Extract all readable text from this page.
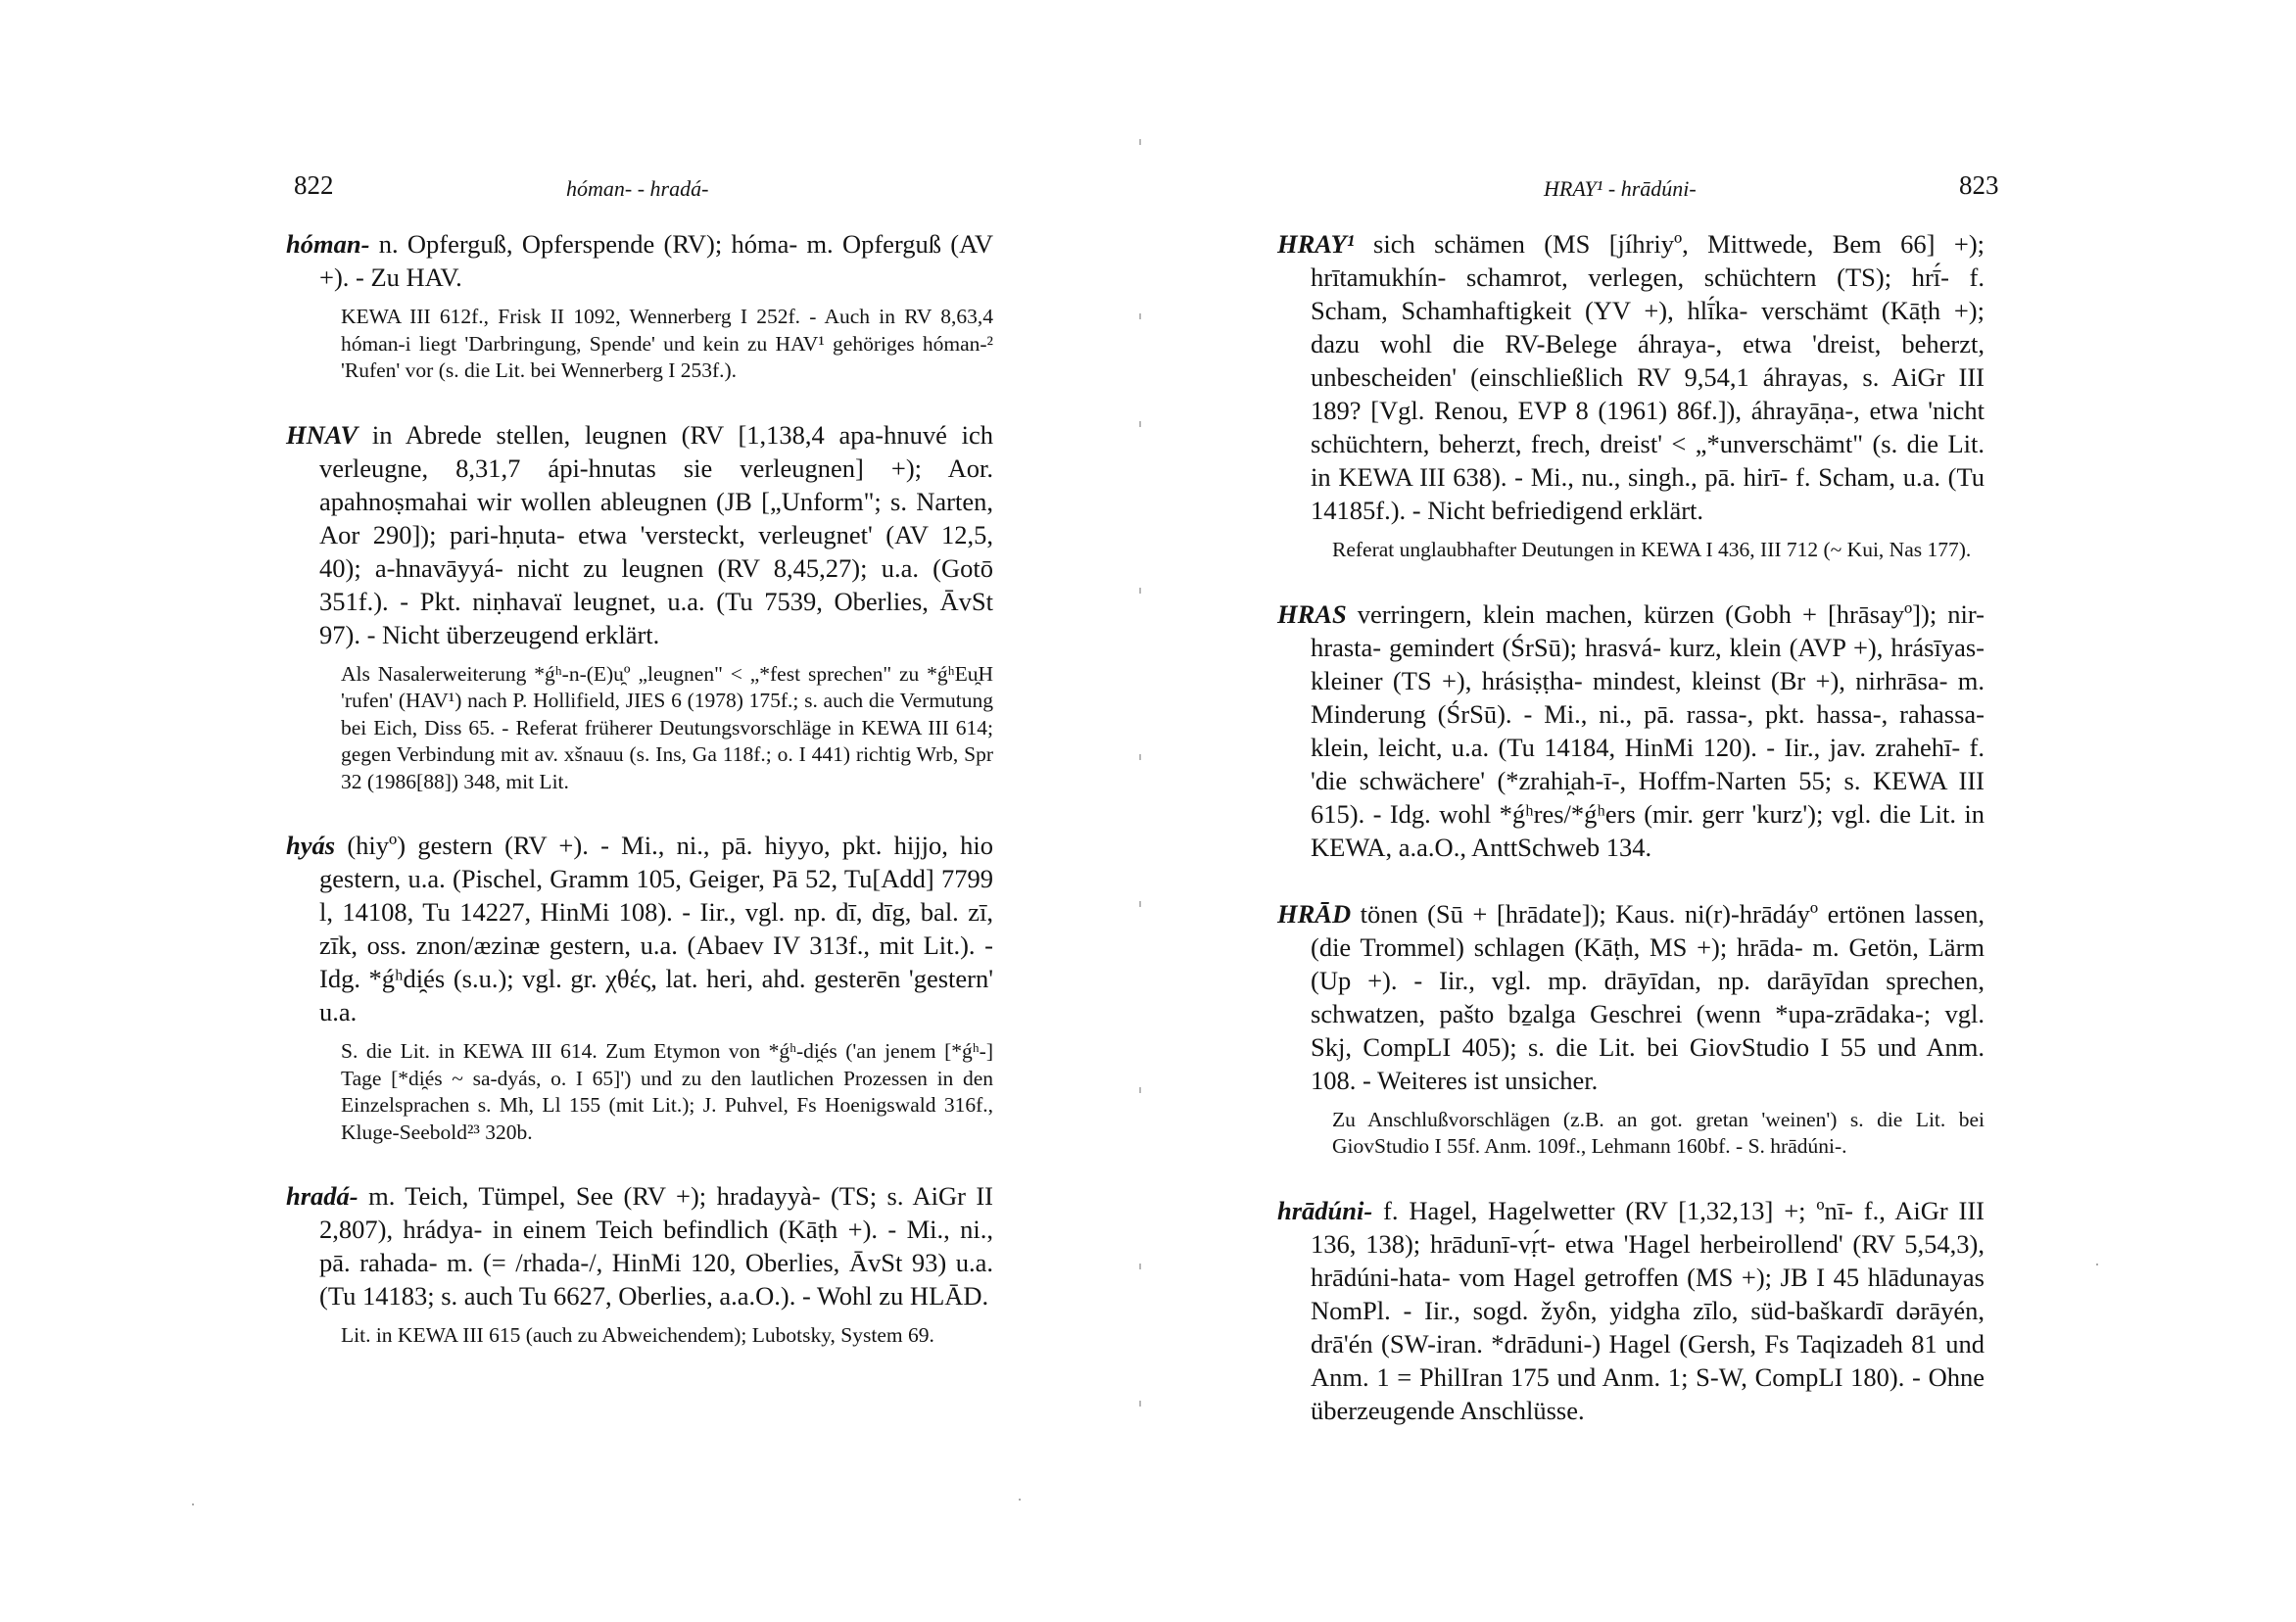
822	hóman- - hradá-

hóman- n. Opferguß, Opferspende (RV); hóma- m. Opferguß (AV +). - Zu HAV.

KEWA III 612f., Frisk II 1092, Wennerberg I 252f. - Auch in RV 8,63,4 hóman-i liegt 'Darbringung, Spende' und kein zu HAV¹ gehöriges hóman-² 'Rufen' vor (s. die Lit. bei Wennerberg I 253f.).

HNAV in Abrede stellen, leugnen (RV [1,138,4 apa-hnuvé ich verleugne, 8,31,7 ápi-hnutas sie verleugnen] +); Aor. apahnoṣmahai wir wollen ableugnen (JB [„Unform"; s. Narten, Aor 290]); pari-hṇuta- etwa 'versteckt, verleugnet' (AV 12,5, 40); a-hnavāyyá- nicht zu leugnen (RV 8,45,27); u.a. (Gotō 351f.). - Pkt. niṇhavaï leugnet, u.a. (Tu 7539, Oberlies, ĀvSt 97). - Nicht überzeugend erklärt.

Als Nasalerweiterung *ǵʰ-n-(E)u̯º „leugnen" < „*fest sprechen" zu *ǵʰEu̯H 'rufen' (HAV¹) nach P. Hollifield, JIES 6 (1978) 175f.; s. auch die Vermutung bei Eich, Diss 65. - Referat früherer Deutungsvorschläge in KEWA III 614; gegen Verbindung mit av. xšnauu (s. Ins, Ga 118f.; o. I 441) richtig Wrb, Spr 32 (1986[88]) 348, mit Lit.

hyás (hiyº) gestern (RV +). - Mi., ni., pā. hiyyo, pkt. hijjo, hio gestern, u.a. (Pischel, Gramm 105, Geiger, Pā 52, Tu[Add] 7799 l, 14108, Tu 14227, HinMi 108). - Iir., vgl. np. dī, dīg, bal. zī, zīk, oss. znon/æzinæ gestern, u.a. (Abaev IV 313f., mit Lit.). - Idg. *ǵʰdi̯és (s.u.); vgl. gr. χθές, lat. heri, ahd. gesterēn 'gestern' u.a.

S. die Lit. in KEWA III 614. Zum Etymon von *ǵʰ-di̯és ('an jenem [*ǵʰ-] Tage [*di̯és ~ sa-dyás, o. I 65]') und zu den lautlichen Prozessen in den Einzelsprachen s. Mh, Ll 155 (mit Lit.); J. Puhvel, Fs Hoenigswald 316f., Kluge-Seebold²³ 320b.

hradá- m. Teich, Tümpel, See (RV +); hradayyà- (TS; s. AiGr II 2,807), hrádya- in einem Teich befindlich (Kāṭh +). - Mi., ni., pā. rahada- m. (= /rhada-/, HinMi 120, Oberlies, ĀvSt 93) u.a. (Tu 14183; s. auch Tu 6627, Oberlies, a.a.O.). - Wohl zu HLĀD.

Lit. in KEWA III 615 (auch zu Abweichendem); Lubotsky, System 69.

HRAY¹ - hrādúni-	823

HRAY¹ sich schämen (MS [jíhriyº, Mittwede, Bem 66] +); hrītamukhín- schamrot, verlegen, schüchtern (TS); hrī́- f. Scham, Schamhaftigkeit (YV +), hlī́ka- verschämt (Kāṭh +); dazu wohl die RV-Belege áhraya-, etwa 'dreist, beherzt, unbescheiden' (einschließlich RV 9,54,1 áhrayas, s. AiGr III 189? [Vgl. Renou, EVP 8 (1961) 86f.]), áhrayāṇa-, etwa 'nicht schüchtern, beherzt, frech, dreist' < „*unverschämt" (s. die Lit. in KEWA III 638). - Mi., nu., singh., pā. hirī- f. Scham, u.a. (Tu 14185f.). - Nicht befriedigend erklärt.

Referat unglaubhafter Deutungen in KEWA I 436, III 712 (~ Kui, Nas 177).

HRAS verringern, klein machen, kürzen (Gobh + [hrāsayº]); nir-hrasta- gemindert (ŚrSū); hrasvá- kurz, klein (AVP +), hrásīyas- kleiner (TS +), hrásiṣṭha- mindest, kleinst (Br +), nirhrāsa- m. Minderung (ŚrSū). - Mi., ni., pā. rassa-, pkt. hassa-, rahassa- klein, leicht, u.a. (Tu 14184, HinMi 120). - Iir., jav. zrahehī- f. 'die schwächere' (*zrahi̯ah-ī-, Hoffm-Narten 55; s. KEWA III 615). - Idg. wohl *ǵʰres/*ǵʰers (mir. gerr 'kurz'); vgl. die Lit. in KEWA, a.a.O., AnttSchweb 134.

HRĀD tönen (Sū + [hrādate]); Kaus. ni(r)-hrādáyº ertönen lassen, (die Trommel) schlagen (Kāṭh, MS +); hrāda- m. Getön, Lärm (Up +). - Iir., vgl. mp. drāyīdan, np. darāyīdan sprechen, schwatzen, pašto bẕalga Geschrei (wenn *upa-zrādaka-; vgl. Skj, CompLI 405); s. die Lit. bei GiovStudio I 55 und Anm. 108. - Weiteres ist unsicher.

Zu Anschlußvorschlägen (z.B. an got. gretan 'weinen') s. die Lit. bei GiovStudio I 55f. Anm. 109f., Lehmann 160bf. - S. hrādúni-.

hrādúni- f. Hagel, Hagelwetter (RV [1,32,13] +; ºnī- f., AiGr III 136, 138); hrādunī-vṛ́t- etwa 'Hagel herbeirollend' (RV 5,54,3), hrādúni-hata- vom Hagel getroffen (MS +); JB I 45 hlādunayas NomPl. - Iir., sogd. žyδn, yidgha zīlo, süd-baškardī dərāyén, drā'én (SW-iran. *drāduni-) Hagel (Gersh, Fs Taqizadeh 81 und Anm. 1 = PhilIran 175 und Anm. 1; S-W, CompLI 180). - Ohne überzeugende Anschlüsse.
